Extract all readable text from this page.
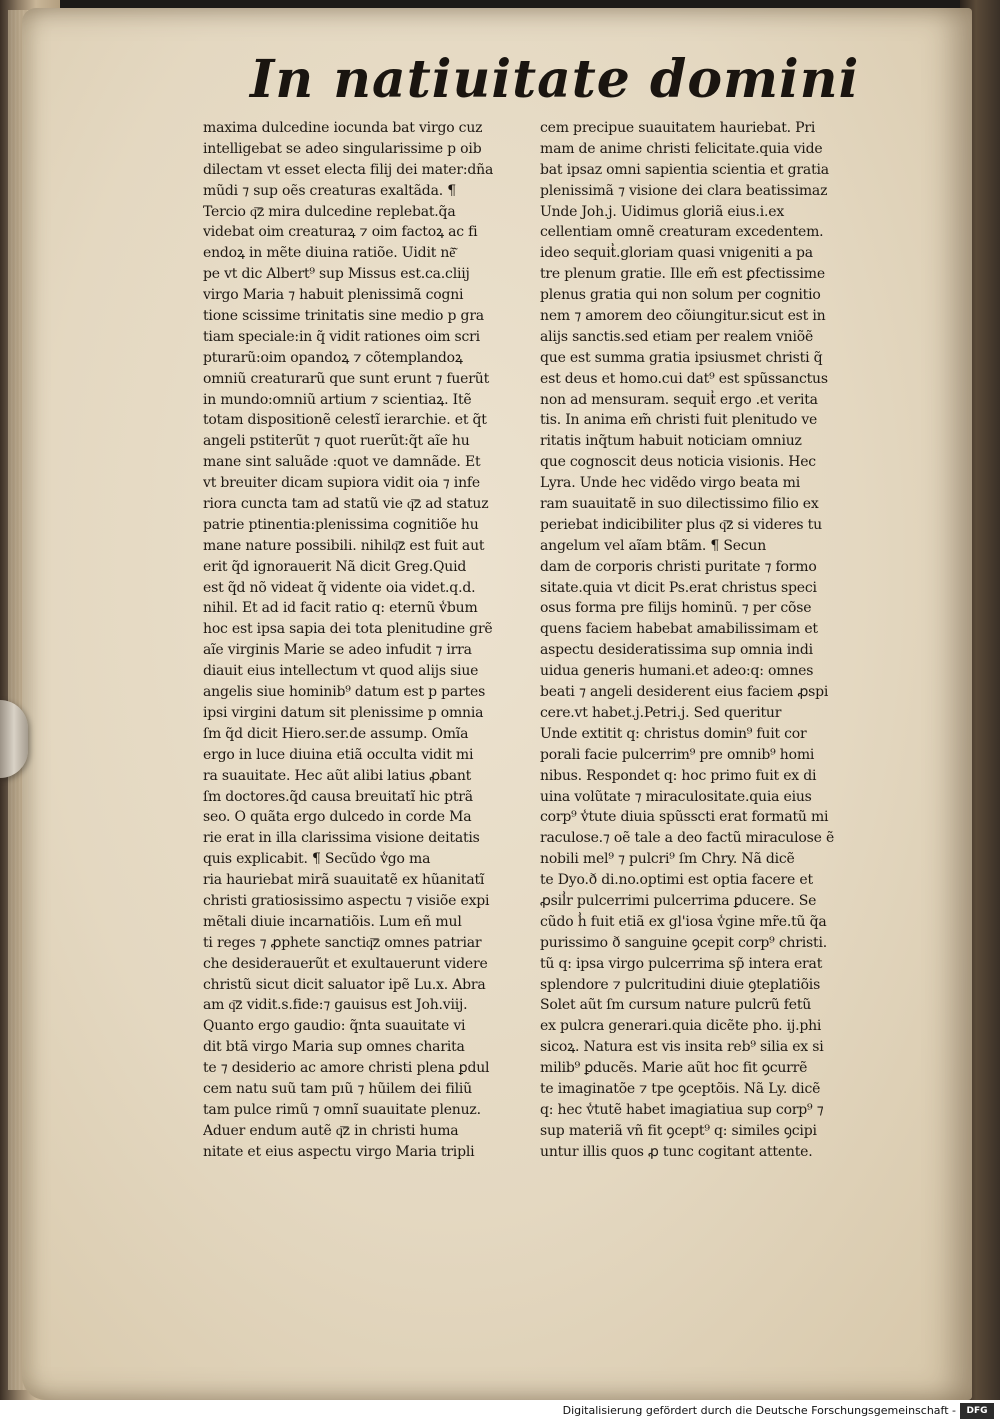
In natiuitate domini
maxima dulcedine iocunda bat virgo cuz
intelligebat se adeo singularissime p oib
dilectam vt esset electa filij dei mater:dña
mũdi ⁊ sup oẽs creaturas exaltãda. ¶
Tercio q͞z mira dulcedine replebat.q̃a
videbat oim creaturaꝝ ⁊ oim factoꝝ ac fi
endoꝝ in mẽte diuina ratiõe. Uidit nẽ͂
pe vt dic Albert⁹ sup Missus est.ca.cliij
virgo Maria ⁊ habuit plenissimã cogni
tione scissime trinitatis sine medio p gra
tiam speciale:in q̃ vidit rationes oim scri
pturarũ:oim opandoꝝ ⁊ cõtemplandoꝝ
omniũ creaturarũ que sunt erunt ⁊ fuerũt
in mundo:omniũ artium ⁊ scientiaꝝ. Itẽ
totam dispositionẽ celestĩ ierarchie. et q̃t
angeli pstiterũt ⁊ quot ruerũt:q̃t aĩe hu
mane sint saluãde :quot ve damnãde. Et
vt breuiter dicam supiora vidit oia ⁊ infe
riora cuncta tam ad statũ vie q͞z ad statuz
patrie ptinentia:plenissima cognitiõe hu
mane nature possibili. nihilq͞z est fuit aut
erit q̃d ignorauerit Nã dicit Greg.Quid
est q̃d nõ videat q̃ vidente oia videt.q.d.
nihil. Et ad id facit ratio q: eternũ v̾bum
hoc est ipsa sapia dei tota plenitudine grẽ
aĩe virginis Marie se adeo infudit ⁊ irra
diauit eius intellectum vt quod alijs siue
angelis siue hominib⁹ datum est p partes
ipsi virgini datum sit plenissime p omnia
ſm q̃d dicit Hiero.ser.de assump. Omĩa
ergo in luce diuina etiã occulta vidit mi
ra suauitate. Hec aũt alibi latius ꝓbant
ſm doctores.q̃d causa breuitatĩ hic ptrã
seo. O quãta ergo dulcedo in corde Ma
rie erat in illa clarissima visione deitatis
quis explicabit. ¶ Secũdo v̾go ma
ria hauriebat mirã suauitatẽ ex hũanitatĩ
christi gratiosissimo aspectu ⁊ visiõe expi
mẽtali diuie incarnatiõis. Lum eñ mul
ti reges ⁊ ꝓphete sanctiq͞z omnes patriar
che desiderauerũt et exultauerunt videre
christũ sicut dicit saluator ipẽ Lu.x. Abra
am q͞z vidit.s.fide:⁊ gauisus est Joh.viij.
Quanto ergo gaudio: q̃nta suauitate vi
dit btã virgo Maria sup omnes charita
te ⁊ desiderio ac amore christi plena ꝑdul
cem natu suũ tam pıũ ⁊ hũilem dei filiũ
tam pulce rimũ ⁊ omnĩ suauitate plenuz.
Aduer endum autẽ q͞z in christi huma
nitate et eius aspectu virgo Maria tripli
cem precipue suauitatem hauriebat. Pri
mam de anime christi felicitate.quia vide
bat ipsaz omni sapientia scientia et gratia
plenissimã ⁊ visione dei clara beatissimaz
Unde Joh.j. Uidimus gloriã eius.i.ex
cellentiam omnẽ creaturam excedentem.
ideo sequit̾.gloriam quasi vnigeniti a pa
tre plenum gratie. Ille em̃ est ꝑfectissime
plenus gratia qui non solum per cognitio
nem ⁊ amorem deo cõiungitur.sicut est in
alijs sanctis.sed etiam per realem vniõẽ
que est summa gratia ipsiusmet christi q̃
est deus et homo.cui dat⁹ est spũssanctus
non ad mensuram. sequit̾ ergo .et verita
tis. In anima em̃ christi fuit plenitudo ve
ritatis inq̃tum habuit noticiam omniuz
que cognoscit deus noticia visionis. Hec
Lyra. Unde hec vidẽdo virgo beata mi
ram suauitatẽ in suo dilectissimo filio ex
periebat indicibiliter plus q͞z si videres tu
angelum vel aĩam btãm. ¶ Secun
dam de corporis christi puritate ⁊ formo
sitate.quia vt dicit Ps.erat christus speci
osus forma pre filijs hominũ. ⁊ per cõse
quens faciem habebat amabilissimam et
aspectu desideratissima sup omnia indi
uidua generis humani.et adeo:q: omnes
beati ⁊ angeli desiderent eius faciem ꝓspi
cere.vt habet.j.Petri.j. Sed queritur
Unde extitit q: christus domin⁹ fuit cor
porali facie pulcerrim⁹ pre omnib⁹ homi
nibus. Respondet q: hoc primo fuit ex di
uina volũtate ⁊ miraculositate.quia eius
corp⁹ v̾tute diuia spũsscti erat formatũ mi
raculose.⁊ oẽ tale a deo factũ miraculose ẽ
nobili mel⁹ ⁊ pulcri⁹ ſm Chry. Nã dicẽ
te Dyo.ð di.no.optimi est optia facere et
ꝓsil̾r pulcerrimi pulcerrima ꝑducere. Se
cũdo h̾ fuit etiã ex gl'iosa v̾gine mr̃e.tũ q̃a
purissimo ð sanguine ꝯcepit corp⁹ christi.
tũ q: ipsa virgo pulcerrima sp̃ intera erat
splendore ⁊ pulcritudini diuie ꝯteplatiõis
Solet aũt ſm cursum nature pulcrũ fetũ
ex pulcra generari.quia dicẽte pho. ij.phi
sicoꝝ. Natura est vis insita reb⁹ silia ex si
milib⁹ ꝑducẽs. Marie aũt hoc fit ꝯcurrẽ
te imaginatõe ⁊ tpe ꝯceptõis. Nã Ly. dicẽ
q: hec v̾tutẽ habet imagiatiua sup corp⁹ ⁊
sup materiã vñ fit ꝯcept⁹ q: similes ꝯcipi
untur illis quos ꝓ tunc cogitant attente.
Digitalisierung gefördert durch die Deutsche Forschungsgemeinschaft -	DFG
